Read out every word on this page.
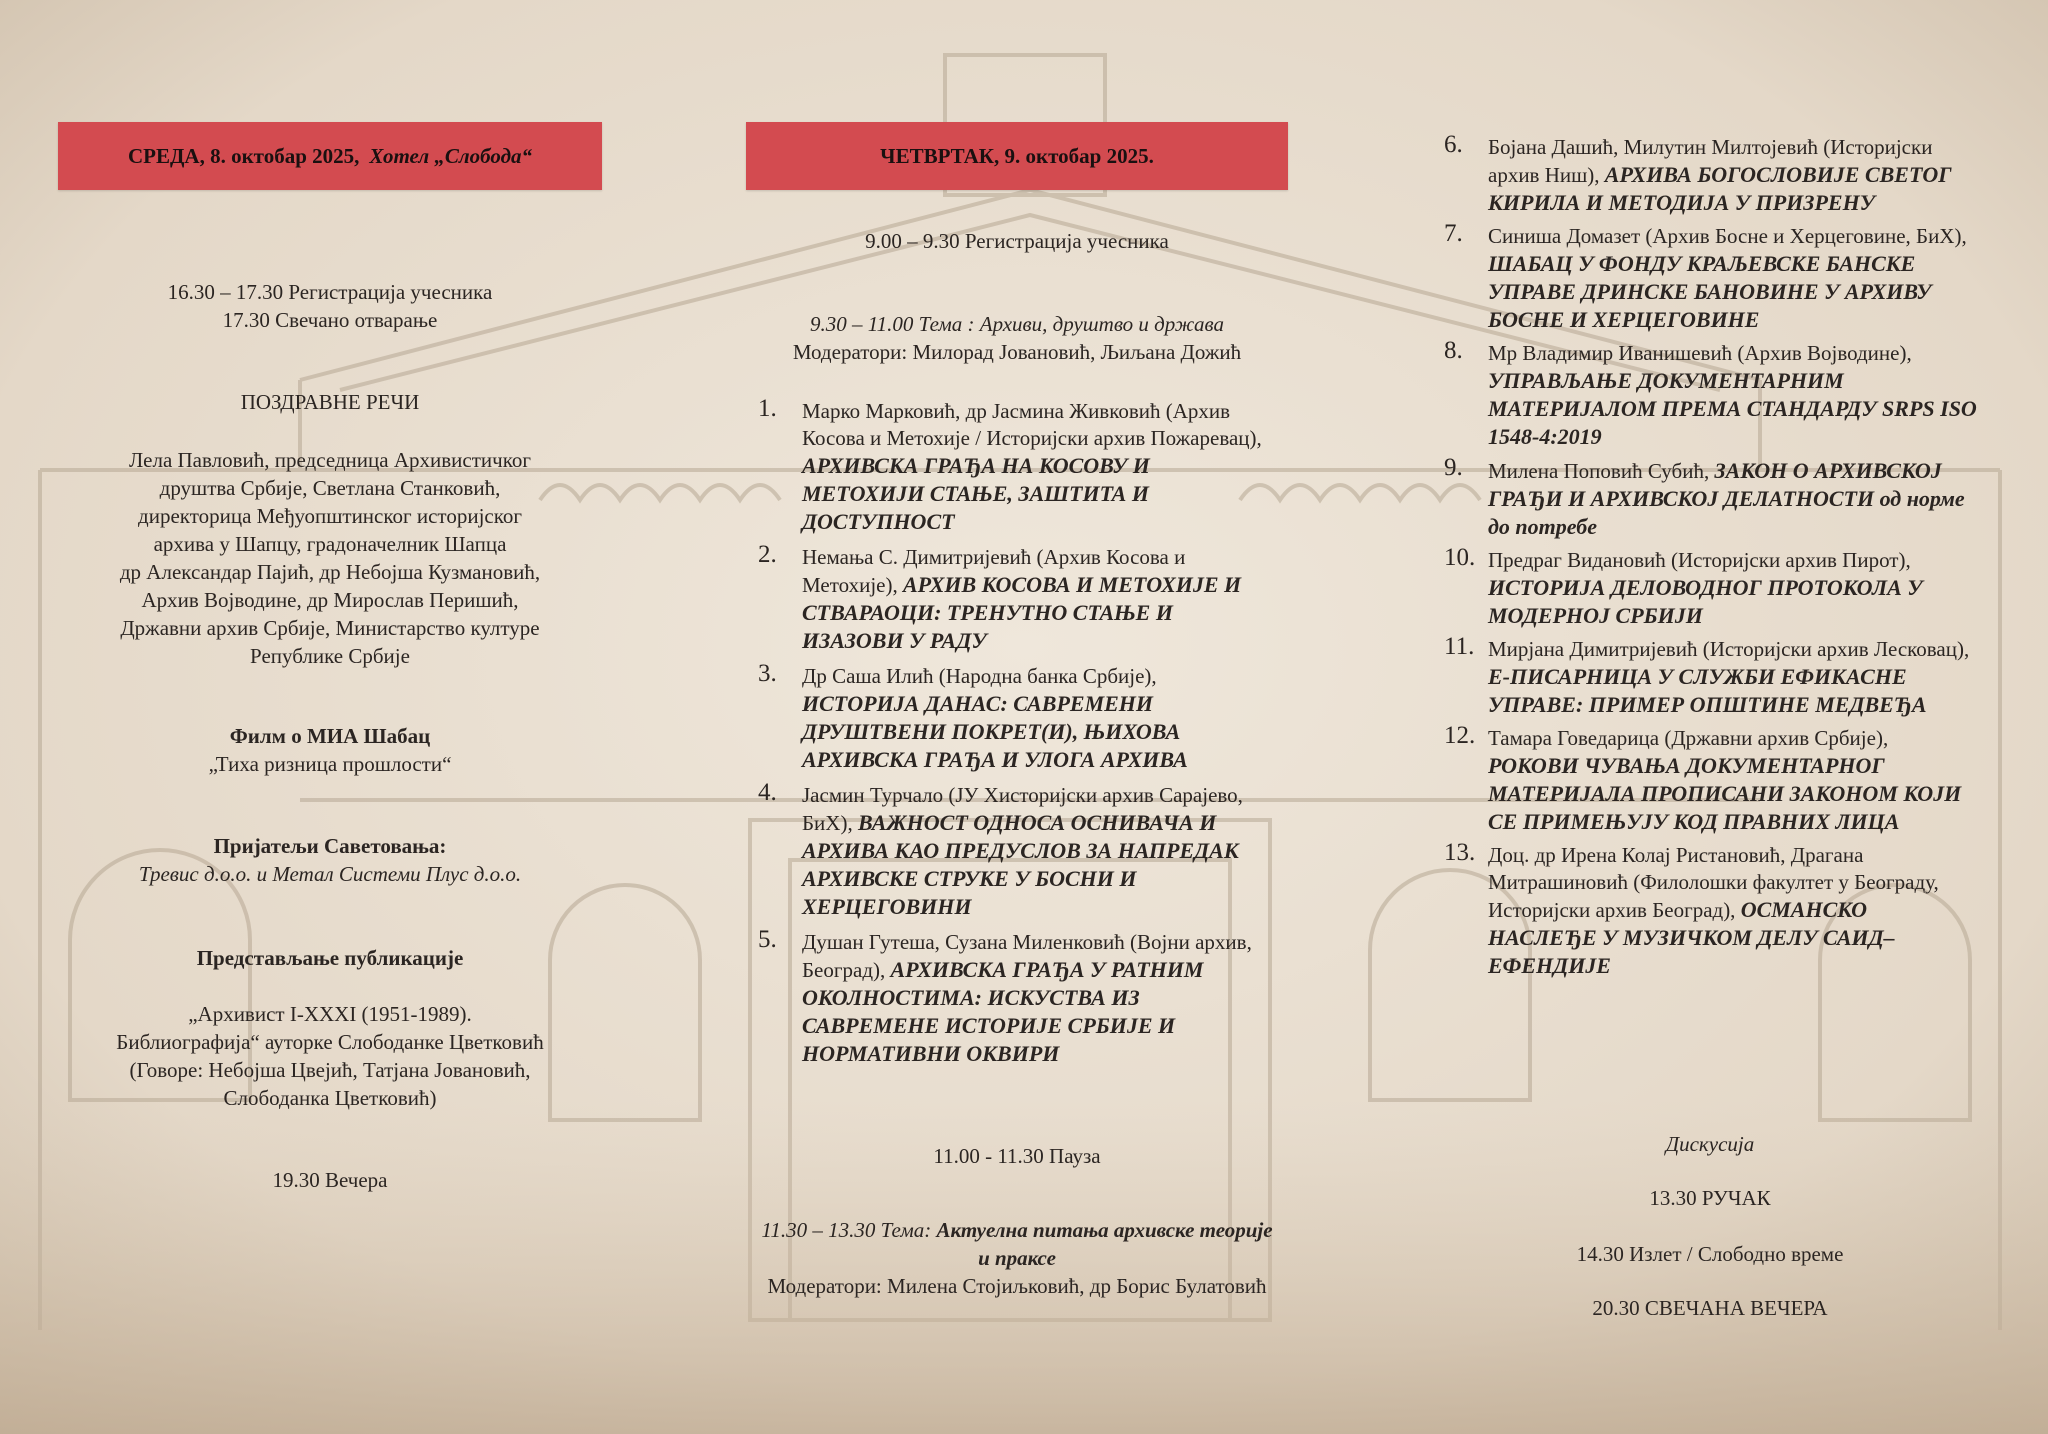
СРЕДА, 8. октобар 2025, Хотел „Слобода“
16.30 – 17.30 Регистрација учесника
17.30 Свечано отварање
ПОЗДРАВНЕ РЕЧИ
Лела Павловић, председница Архивистичког
друштва Србије, Светлана Станковић,
директорица Међуопштинског историјског
архива у Шапцу, градоначелник Шапца
др Александар Пајић, др Небојша Кузмановић,
Архив Војводине, др Мирослав Перишић,
Државни архив Србије, Министарство културе
Републике Србије
Филм о МИА Шабац
„Тиха ризница прошлости“
Пријатељи Саветовања:
Тревис д.о.о. и Метал Системи Плус д.о.о.
Представљање публикације
„Архивист I-XXXI (1951-1989).
Библиографија“ ауторке Слободанке Цветковић
(Говоре: Небојша Цвејић, Татјана Јовановић,
Слободанка Цветковић)
19.30 Вечера
ЧЕТВРТАК, 9. октобар 2025.
9.00 – 9.30 Регистрација учесника
9.30 – 11.00 Тема : Архиви, друштво и држава
Модератори: Милорад Јовановић, Љиљана Дожић
1. Марко Марковић, др Јасмина Живковић (Архив Косова и Метохије / Историјски архив Пожаревац), АРХИВСКА ГРАЂА НА КОСОВУ И МЕТОХИЈИ СТАЊЕ, ЗАШТИТА И ДОСТУПНОСТ
2. Немања С. Димитријевић (Архив Косова и Метохије), АРХИВ КОСОВА И МЕТОХИЈЕ И СТВАРАОЦИ: ТРЕНУТНО СТАЊЕ И ИЗАЗОВИ У РАДУ
3. Др Саша Илић (Народна банка Србије), ИСТОРИЈА ДАНАС: САВРЕМЕНИ ДРУШТВЕНИ ПОКРЕТ(И), ЊИХОВА АРХИВСКА ГРАЂА И УЛОГА АРХИВА
4. Јасмин Турчало (ЈУ Хисторијски архив Сарајево, БиХ), ВАЖНОСТ ОДНОСА ОСНИВАЧА И АРХИВА КАО ПРЕДУСЛОВ ЗА НАПРЕДАК АРХИВСКЕ СТРУКЕ У БОСНИ И ХЕРЦЕГОВИНИ
5. Душан Гутеша, Сузана Миленковић (Војни архив, Београд), АРХИВСКА ГРАЂА У РАТНИМ ОКОЛНОСТИМА: ИСКУСТВА ИЗ САВРЕМЕНЕ ИСТОРИЈЕ СРБИЈЕ И НОРМАТИВНИ ОКВИРИ
11.00 - 11.30 Пауза
11.30 – 13.30 Тема: Актуелна питања архивске теорије и праксе
Модератори: Милена Стојиљковић, др Борис Булатовић
6. Бојана Дашић, Милутин Милтојевић (Историјски архив Ниш), АРХИВА БОГОСЛОВИЈЕ СВЕТОГ КИРИЛА И МЕТОДИЈА У ПРИЗРЕНУ
7. Синиша Домазет (Архив Босне и Херцеговине, БиХ), ШАБАЦ У ФОНДУ КРАЉЕВСКЕ БАНСКЕ УПРАВЕ ДРИНСКЕ БАНОВИНЕ У АРХИВУ БОСНЕ И ХЕРЦЕГОВИНЕ
8. Мр Владимир Иванишевић (Архив Војводине), УПРАВЉАЊЕ ДОКУМЕНТАРНИМ МАТЕРИЈАЛОМ ПРЕМА СТАНДАРДУ SRPS ISO 1548-4:2019
9. Милена Поповић Субић, ЗАКОН О АРХИВСКОЈ ГРАЂИ И АРХИВСКОЈ ДЕЛАТНОСТИ од норме до потребе
10. Предраг Видановић (Историјски архив Пирот), ИСТОРИЈА ДЕЛОВОДНОГ ПРОТОКОЛА У МОДЕРНОЈ СРБИЈИ
11. Мирјана Димитријевић (Историјски архив Лесковац), Е-ПИСАРНИЦА У СЛУЖБИ ЕФИКАСНЕ УПРАВЕ: ПРИМЕР ОПШТИНЕ МЕДВЕЂА
12. Тамара Говедарица (Државни архив Србије), РОКОВИ ЧУВАЊА ДОКУМЕНТАРНОГ МАТЕРИЈАЛА ПРОПИСАНИ ЗАКОНОМ КОЈИ СЕ ПРИМЕЊУЈУ КОД ПРАВНИХ ЛИЦА
13. Доц. др Ирена Колај Ристановић, Драгана Митрашиновић (Филолошки факултет у Београду, Историјски архив Београд), ОСМАНСКО НАСЛЕЂЕ У МУЗИЧКОМ ДЕЛУ САИД–ЕФЕНДИЈЕ
Дискусија
13.30 РУЧАК
14.30 Излет / Слободно време
20.30 СВЕЧАНА ВЕЧЕРА
